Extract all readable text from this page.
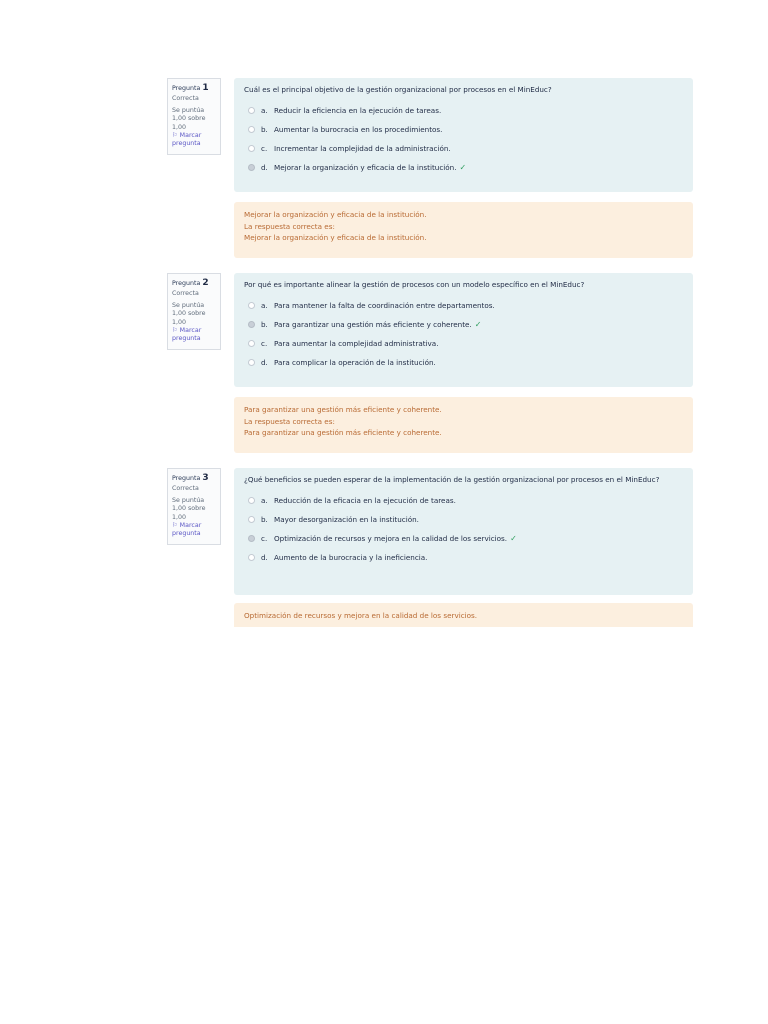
Pregunta 1
Correcta
Se puntúa 1,00 sobre 1,00
⚐ Marcar pregunta
Cuál es el principal objetivo de la gestión organizacional por procesos en el MinEduc?
a. Reducir la eficiencia en la ejecución de tareas.
b. Aumentar la burocracia en los procedimientos.
c. Incrementar la complejidad de la administración.
d. Mejorar la organización y eficacia de la institución. ✓
Mejorar la organización y eficacia de la institución.
La respuesta correcta es:
Mejorar la organización y eficacia de la institución.
Pregunta 2
Correcta
Se puntúa 1,00 sobre 1,00
⚐ Marcar pregunta
Por qué es importante alinear la gestión de procesos con un modelo específico en el MinEduc?
a. Para mantener la falta de coordinación entre departamentos.
b. Para garantizar una gestión más eficiente y coherente. ✓
c. Para aumentar la complejidad administrativa.
d. Para complicar la operación de la institución.
Para garantizar una gestión más eficiente y coherente.
La respuesta correcta es:
Para garantizar una gestión más eficiente y coherente.
Pregunta 3
Correcta
Se puntúa 1,00 sobre 1,00
⚐ Marcar pregunta
¿Qué beneficios se pueden esperar de la implementación de la gestión organizacional por procesos en el MinEduc?
a. Reducción de la eficacia en la ejecución de tareas.
b. Mayor desorganización en la institución.
c. Optimización de recursos y mejora en la calidad de los servicios. ✓
d. Aumento de la burocracia y la ineficiencia.
Optimización de recursos y mejora en la calidad de los servicios.
